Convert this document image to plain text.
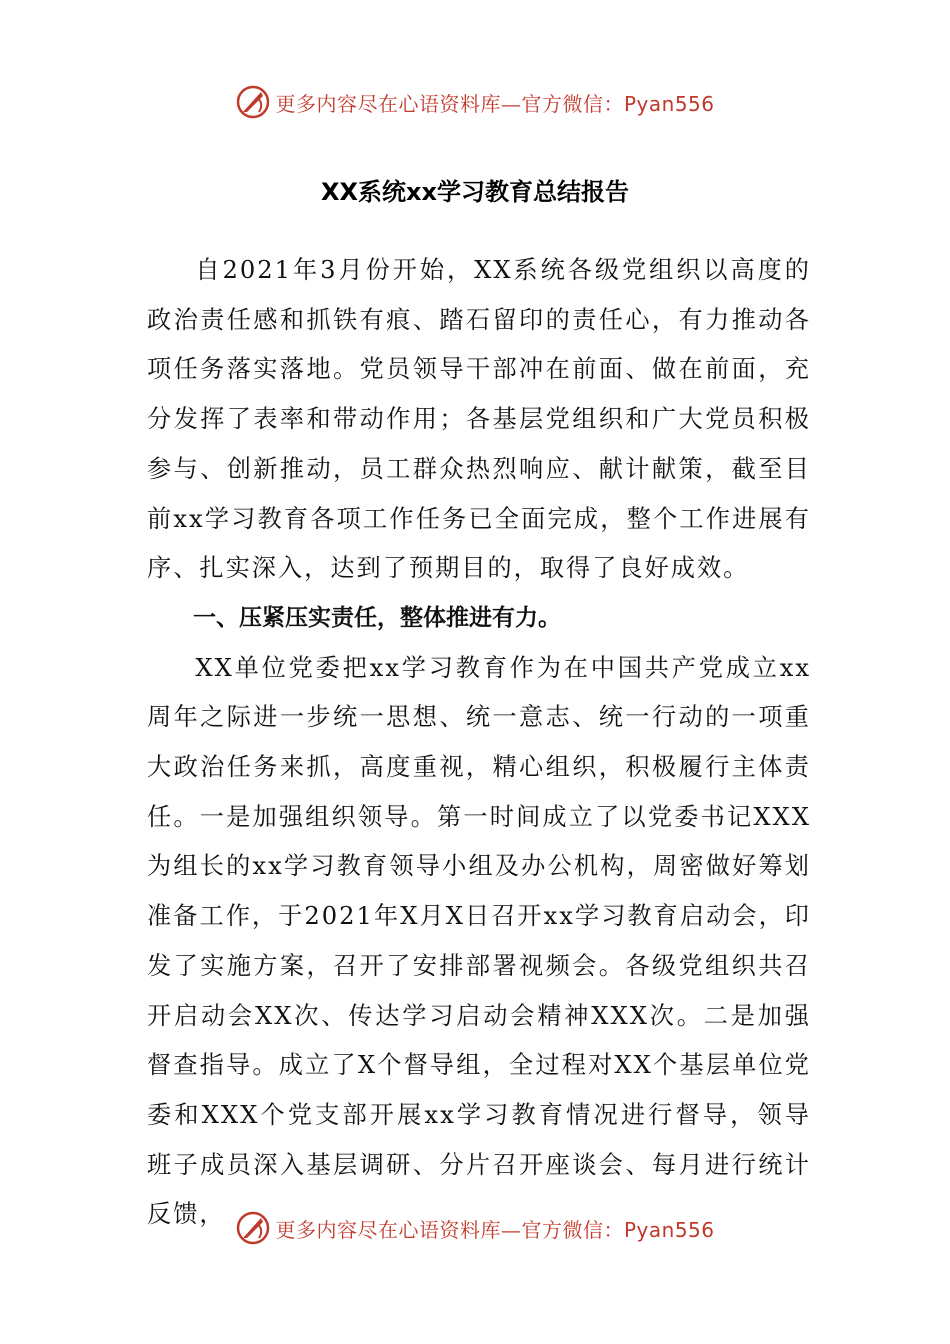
更多内容尽在心语资料库—官方微信：Pyan556
XX系统xx学习教育总结报告

自2021年3月份开始，XX系统各级党组织以高度的政治责任感和抓铁有痕、踏石留印的责任心，有力推动各项任务落实落地。党员领导干部冲在前面、做在前面，充分发挥了表率和带动作用；各基层党组织和广大党员积极参与、创新推动，员工群众热烈响应、献计献策，截至目前xx学习教育各项工作任务已全面完成，整个工作进展有序、扎实深入，达到了预期目的，取得了良好成效。

一、压紧压实责任，整体推进有力。

XX单位党委把xx学习教育作为在中国共产党成立xx周年之际进一步统一思想、统一意志、统一行动的一项重大政治任务来抓，高度重视，精心组织，积极履行主体责任。一是加强组织领导。第一时间成立了以党委书记XXX为组长的xx学习教育领导小组及办公机构，周密做好筹划准备工作，于2021年X月X日召开xx学习教育启动会，印发了实施方案，召开了安排部署视频会。各级党组织共召开启动会XX次、传达学习启动会精神XXX次。二是加强督查指导。成立了X个督导组，全过程对XX个基层单位党委和XXX个党支部开展xx学习教育情况进行督导，领导班子成员深入基层调研、分片召开座谈会、每月进行统计反馈，

更多内容尽在心语资料库—官方微信：Pyan556
